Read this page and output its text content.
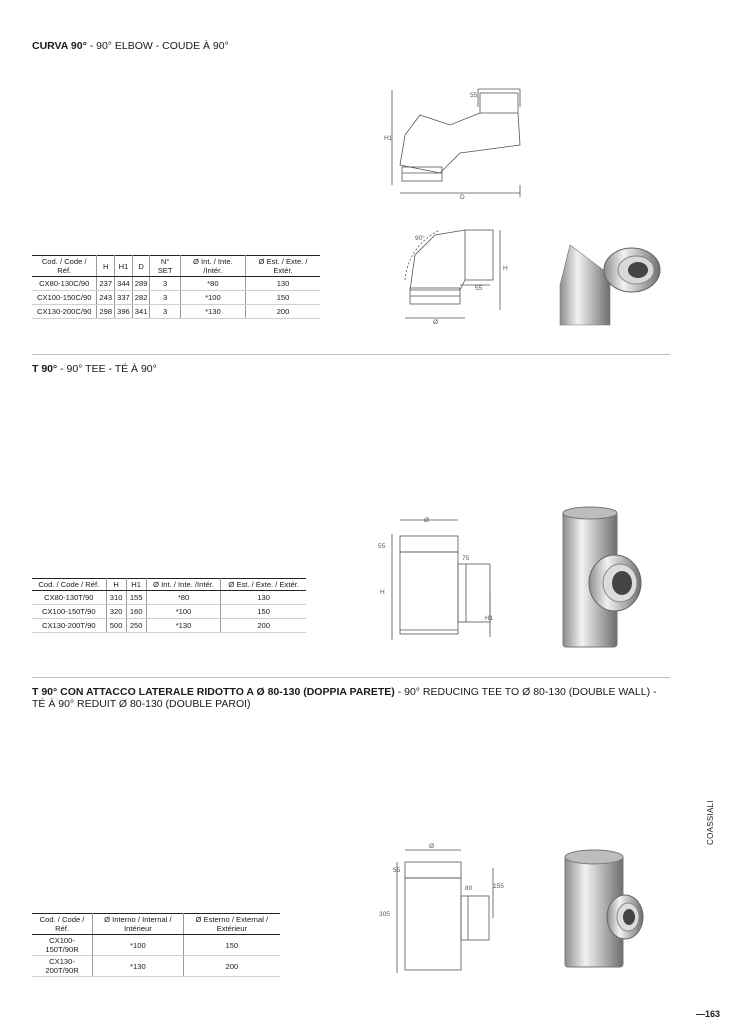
CURVA 90° - 90° ELBOW - COUDE À 90°
Cod. / Code / Réf.	H	H1	D	N° SET	Ø Int. / Inte. /Intér.	Ø Est. / Exte. / Extér.
CX80-130C/90	237	344	289	3	*80	130
CX100-150C/90	243	337	282	3	*100	150
CX130-200C/90	298	396	341	3	*130	200
55
H1
D
90°
H
55
Ø
T 90° - 90° TEE - TÉ À 90°
Cod. / Code / Réf.	H	H1	Ø Int. / Inte. /Intér.	Ø Est. / Exte. / Extér.
CX80-130T/90	310	155	*80	130
CX100-150T/90	320	160	*100	150
CX130-200T/90	500	250	*130	200
Ø
55
75
H
H1
T 90° CON ATTACCO LATERALE RIDOTTO A Ø 80-130 (DOPPIA PARETE) - 90° REDUCING TEE TO Ø 80-130 (DOUBLE WALL) - TÉ À 90° REDUIT Ø 80-130 (DOUBLE PAROI)
Cod. / Code / Réf.	Ø Interno / Internal / Intérieur	Ø Esterno / External / Extérieur
CX100-150T/90R	*100	150
CX130-200T/90R	*130	200
Ø
55
80	155
305
COASSIALI
—163
